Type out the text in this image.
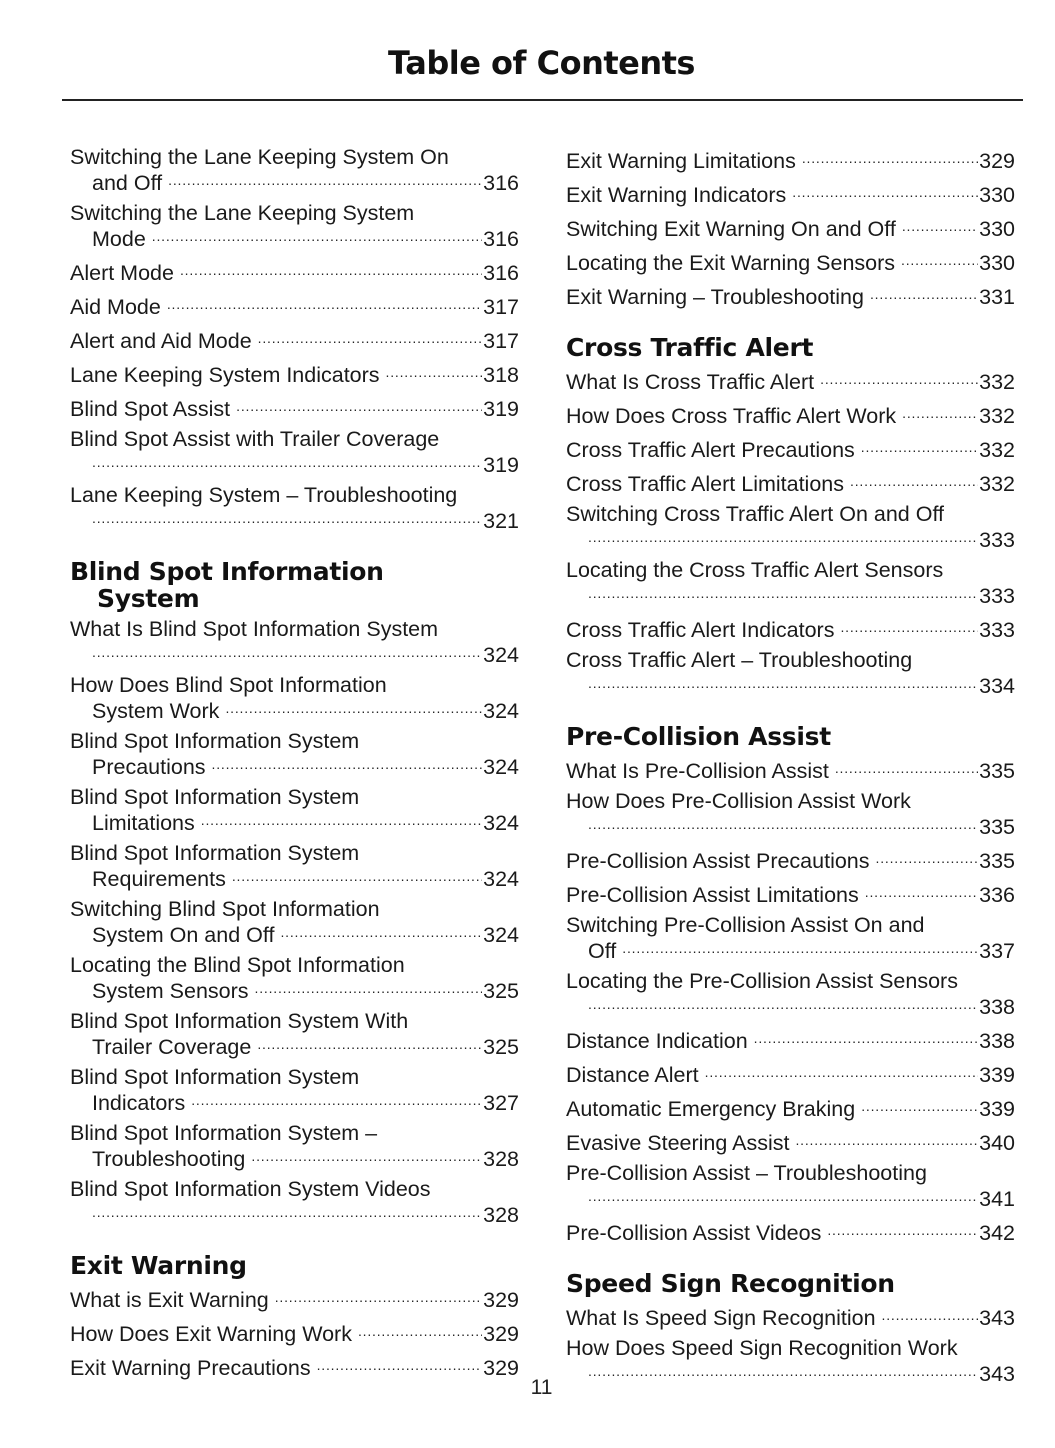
Table of Contents
Switching the Lane Keeping System On
and Off .....	316
Switching the Lane Keeping System
Mode .....	316
Alert Mode .....	316
Aid Mode .....	317
Alert and Aid Mode .....	317
Lane Keeping System Indicators .....	318
Blind Spot Assist .....	319
Blind Spot Assist with Trailer Coverage
.....
319
Lane Keeping System – Troubleshooting
.....
321
Blind Spot Information
System
What Is Blind Spot Information System
.....
324
How Does Blind Spot Information
System Work .....	324
Blind Spot Information System
Precautions .....	324
Blind Spot Information System
Limitations .....	324
Blind Spot Information System
Requirements .....	324
Switching Blind Spot Information
System On and Off .....	324
Locating the Blind Spot Information
System Sensors .....	325
Blind Spot Information System With
Trailer Coverage .....	325
Blind Spot Information System
Indicators .....	327
Blind Spot Information System –
Troubleshooting .....	328
Blind Spot Information System Videos
.....
328
Exit Warning
What is Exit Warning .....	329
How Does Exit Warning Work .....	329
Exit Warning Precautions .....	329
Exit Warning Limitations .....	329
Exit Warning Indicators .....	330
Switching Exit Warning On and Off .....	330
Locating the Exit Warning Sensors .....	330
Exit Warning – Troubleshooting .....	331
Cross Traffic Alert
What Is Cross Traffic Alert .....	332
How Does Cross Traffic Alert Work .....	332
Cross Traffic Alert Precautions .....	332
Cross Traffic Alert Limitations .....	332
Switching Cross Traffic Alert On and Off
.....
333
Locating the Cross Traffic Alert Sensors
.....
333
Cross Traffic Alert Indicators .....	333
Cross Traffic Alert – Troubleshooting
.....
334
Pre-Collision Assist
What Is Pre-Collision Assist .....	335
How Does Pre-Collision Assist Work
.....
335
Pre-Collision Assist Precautions .....	335
Pre-Collision Assist Limitations .....	336
Switching Pre-Collision Assist On and
Off .....	337
Locating the Pre-Collision Assist Sensors
.....
338
Distance Indication .....	338
Distance Alert .....	339
Automatic Emergency Braking .....	339
Evasive Steering Assist .....	340
Pre-Collision Assist – Troubleshooting
.....
341
Pre-Collision Assist Videos .....	342
Speed Sign Recognition
What Is Speed Sign Recognition .....	343
How Does Speed Sign Recognition Work
.....
343
11
